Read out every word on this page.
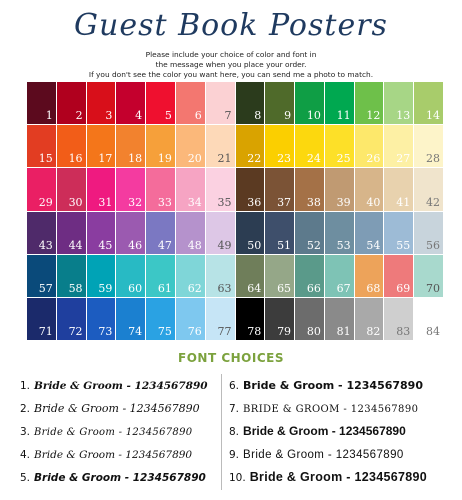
Guest Book Posters
Please include your choice of color and font in
the message when you place your order.
If you don't see the color you want here, you can send me a photo to match.
1 2 3 4 5 6 7 8 9 10 11 12 13 14
15 16 17 18 19 20 21 22 23 24 25 26 27 28
29 30 31 32 33 34 35 36 37 38 39 40 41 42
43 44 45 46 47 48 49 50 51 52 53 54 55 56
57 58 59 60 61 62 63 64 65 66 67 68 69 70
71 72 73 74 75 76 77 78 79 80 81 82 83 84
FONT CHOICES
1. Bride & Groom - 1234567890
2. Bride & Groom - 1234567890
3. Bride & Groom - 1234567890
4. Bride & Groom - 1234567890
5. Bride & Groom - 1234567890
6. Bride & Groom - 1234567890
7. BRIDE & GROOM - 1234567890
8. Bride & Groom - 1234567890
9. Bride & Groom - 1234567890
10. Bride & Groom - 1234567890
